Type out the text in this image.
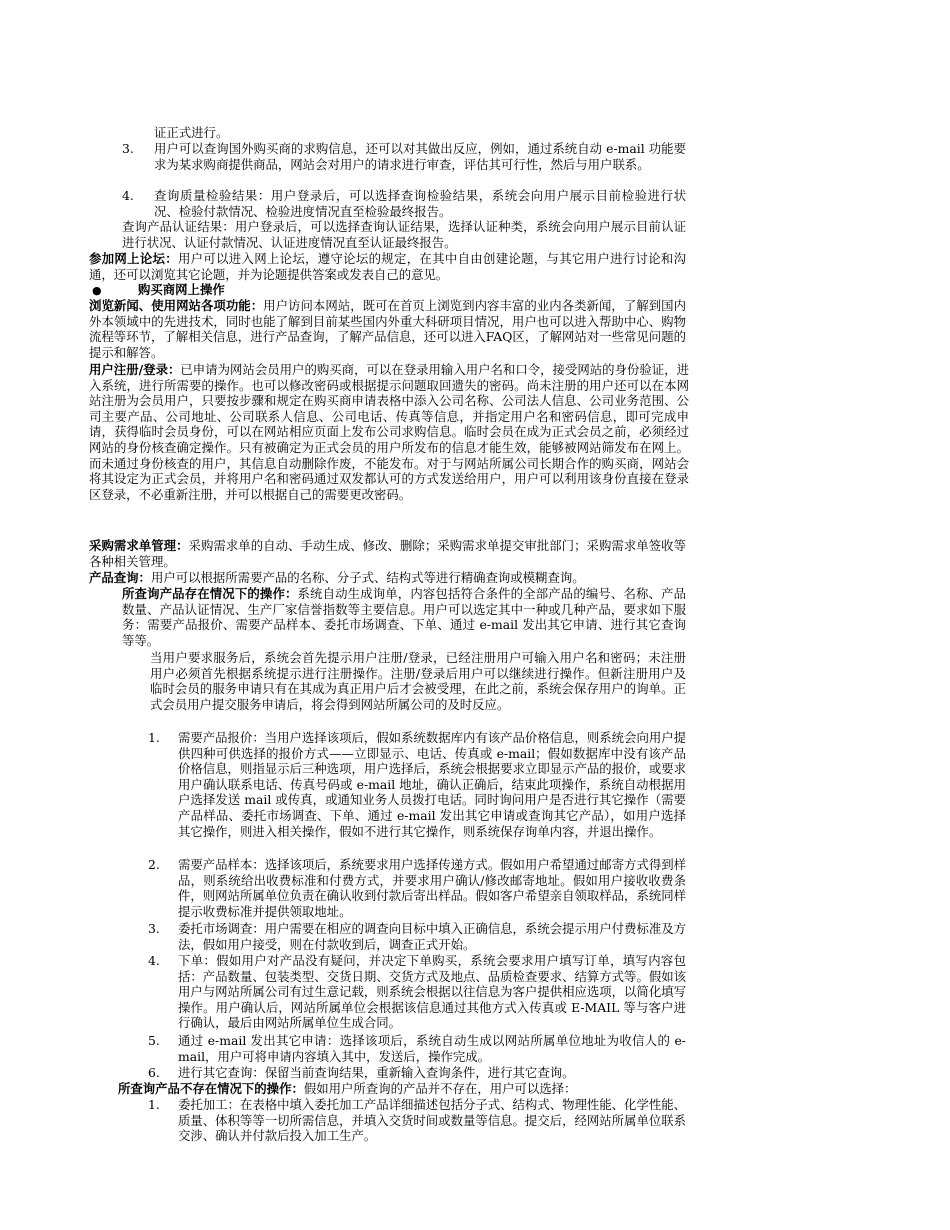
证正式进行。

3. 用户可以查询国外购买商的求购信息，还可以对其做出反应，例如，通过系统自动 e-mail 功能要求为某求购商提供商品，网站会对用户的请求进行审查，评估其可行性，然后与用户联系。

4. 查询质量检验结果：用户登录后，可以选择查询检验结果，系统会向用户展示目前检验进行状况、检验付款情况、检验进度情况直至检验最终报告。

查询产品认证结果：用户登录后，可以选择查询认证结果，选择认证种类，系统会向用户展示目前认证进行状况、认证付款情况、认证进度情况直至认证最终报告。

参加网上论坛：用户可以进入网上论坛，遵守论坛的规定，在其中自由创建论题，与其它用户进行讨论和沟通，还可以浏览其它论题，并为论题提供答案或发表自己的意见。

●	购买商网上操作

浏览新闻、使用网站各项功能：用户访问本网站，既可在首页上浏览到内容丰富的业内各类新闻，了解到国内外本领域中的先进技术，同时也能了解到目前某些国内外重大科研项目情况，用户也可以进入帮助中心、购物流程等环节，了解相关信息，进行产品查询，了解产品信息，还可以进入FAQ区，了解网站对一些常见问题的提示和解答。

用户注册/登录：已申请为网站会员用户的购买商，可以在登录用输入用户名和口令，接受网站的身份验证，进入系统，进行所需要的操作。也可以修改密码或根据提示问题取回遗失的密码。尚未注册的用户还可以在本网站注册为会员用户，只要按步骤和规定在购买商申请表格中添入公司名称、公司法人信息、公司业务范围、公司主要产品、公司地址、公司联系人信息、公司电话、传真等信息，并指定用户名和密码信息，即可完成申请，获得临时会员身份，可以在网站相应页面上发布公司求购信息。临时会员在成为正式会员之前，必须经过网站的身份核查确定操作。只有被确定为正式会员的用户所发布的信息才能生效，能够被网站筛发布在网上。而未通过身份核查的用户，其信息自动删除作废，不能发布。对于与网站所属公司长期合作的购买商，网站会将其设定为正式会员，并将用户名和密码通过双发都认可的方式发送给用户，用户可以利用该身份直接在登录区登录，不必重新注册，并可以根据自己的需要更改密码。

采购需求单管理：采购需求单的自动、手动生成、修改、删除；采购需求单提交审批部门；采购需求单签收等各种相关管理。

产品查询：用户可以根据所需要产品的名称、分子式、结构式等进行精确查询或模糊查询。

所查询产品存在情况下的操作：系统自动生成询单，内容包括符合条件的全部产品的编号、名称、产品数量、产品认证情况、生产厂家信誉指数等主要信息。用户可以选定其中一种或几种产品，要求如下服务：需要产品报价、需要产品样本、委托市场调查、下单、通过 e-mail 发出其它申请、进行其它查询等等。

当用户要求服务后，系统会首先提示用户注册/登录，已经注册用户可输入用户名和密码；未注册用户必须首先根据系统提示进行注册操作。注册/登录后用户可以继续进行操作。但新注册用户及临时会员的服务申请只有在其成为真正用户后才会被受理，在此之前，系统会保存用户的询单。正式会员用户提交服务申请后，将会得到网站所属公司的及时反应。

1. 需要产品报价：当用户选择该项后，假如系统数据库内有该产品价格信息，则系统会向用户提供四种可供选择的报价方式——立即显示、电话、传真或 e-mail；假如数据库中没有该产品价格信息，则指显示后三种选项，用户选择后，系统会根据要求立即显示产品的报价，或要求用户确认联系电话、传真号码或 e-mail 地址，确认正确后，结束此项操作，系统自动根据用户选择发送 mail 或传真，或通知业务人员拨打电话。同时询问用户是否进行其它操作（需要产品样品、委托市场调查、下单、通过 e-mail 发出其它申请或查询其它产品），如用户选择其它操作，则进入相关操作，假如不进行其它操作，则系统保存询单内容，并退出操作。

2. 需要产品样本：选择该项后，系统要求用户选择传递方式。假如用户希望通过邮寄方式得到样品，则系统给出收费标准和付费方式，并要求用户确认/修改邮寄地址。假如用户接收收费条件，则网站所属单位负责在确认收到付款后寄出样品。假如客户希望亲自领取样品，系统同样提示收费标准并提供领取地址。

3. 委托市场调查：用户需要在相应的调查向目标中填入正确信息，系统会提示用户付费标准及方法，假如用户接受，则在付款收到后，调查正式开始。

4. 下单：假如用户对产品没有疑问，并决定下单购买，系统会要求用户填写订单，填写内容包括：产品数量、包装类型、交货日期、交货方式及地点、品质检查要求、结算方式等。假如该用户与网站所属公司有过生意记载，则系统会根据以往信息为客户提供相应选项，以简化填写操作。用户确认后，网站所属单位会根据该信息通过其他方式入传真或 E-MAIL 等与客户进行确认，最后由网站所属单位生成合同。

5. 通过 e-mail 发出其它申请：选择该项后，系统自动生成以网站所属单位地址为收信人的 e-mail，用户可将申请内容填入其中，发送后，操作完成。

6. 进行其它查询：保留当前查询结果，重新输入查询条件，进行其它查询。

所查询产品不存在情况下的操作：假如用户所查询的产品并不存在，用户可以选择：

1. 委托加工：在表格中填入委托加工产品详细描述包括分子式、结构式、物理性能、化学性能、质量、体积等等一切所需信息，并填入交货时间或数量等信息。提交后，经网站所属单位联系交涉、确认并付款后投入加工生产。
